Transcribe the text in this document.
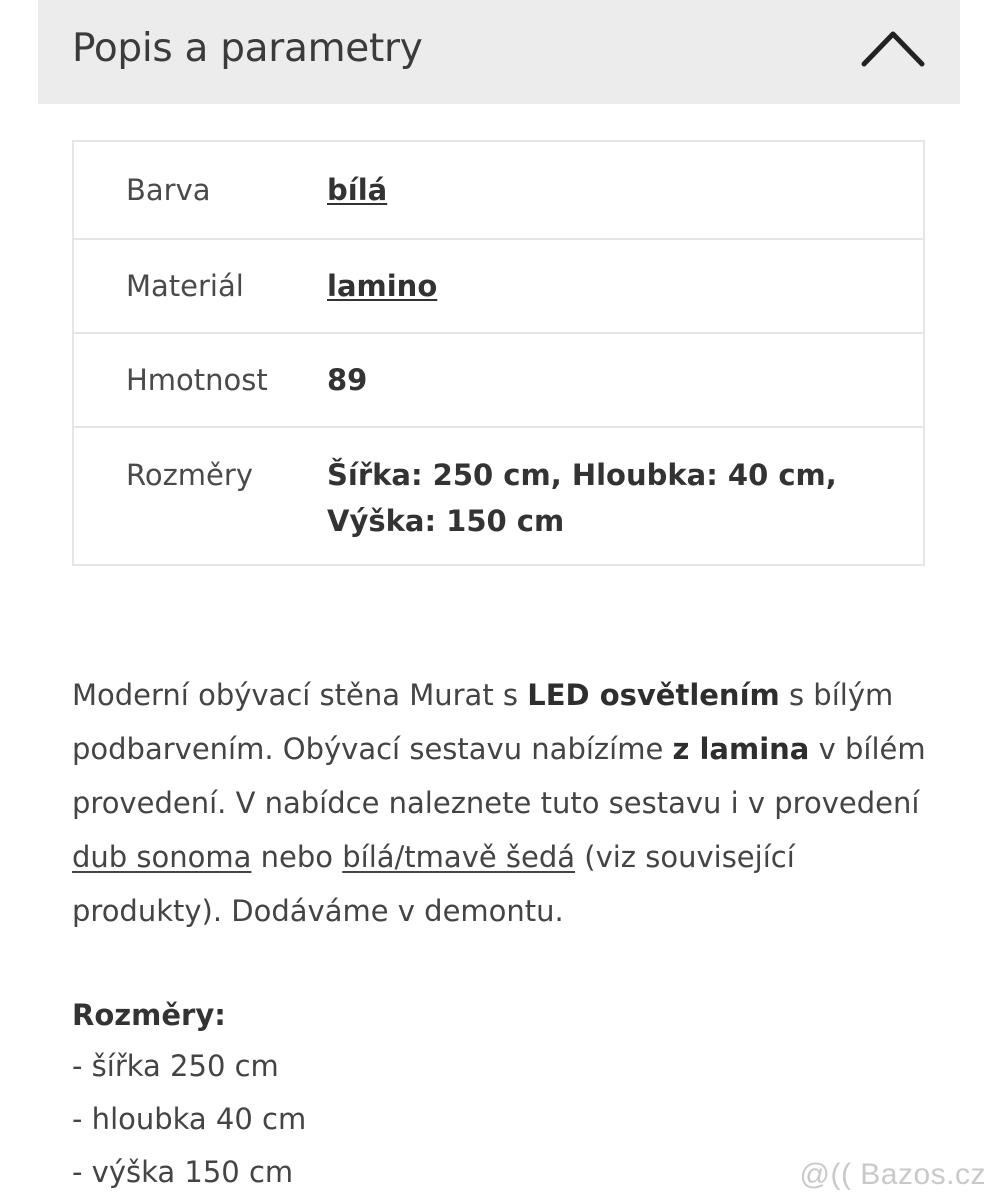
Popis a parametry
Barva	bílá
Materiál	lamino
Hmotnost	89
Rozměry	Šířka: 250 cm, Hloubka: 40 cm, Výška: 150 cm

Moderní obývací stěna Murat s LED osvětlením s bílým podbarvením. Obývací sestavu nabízíme z lamina v bílém provedení. V nabídce naleznete tuto sestavu i v provedení dub sonoma nebo bílá/tmavě šedá (viz související produkty). Dodáváme v demontu.

Rozměry:
- šířka 250 cm
- hloubka 40 cm
- výška 150 cm	@(( Bazos.cz
